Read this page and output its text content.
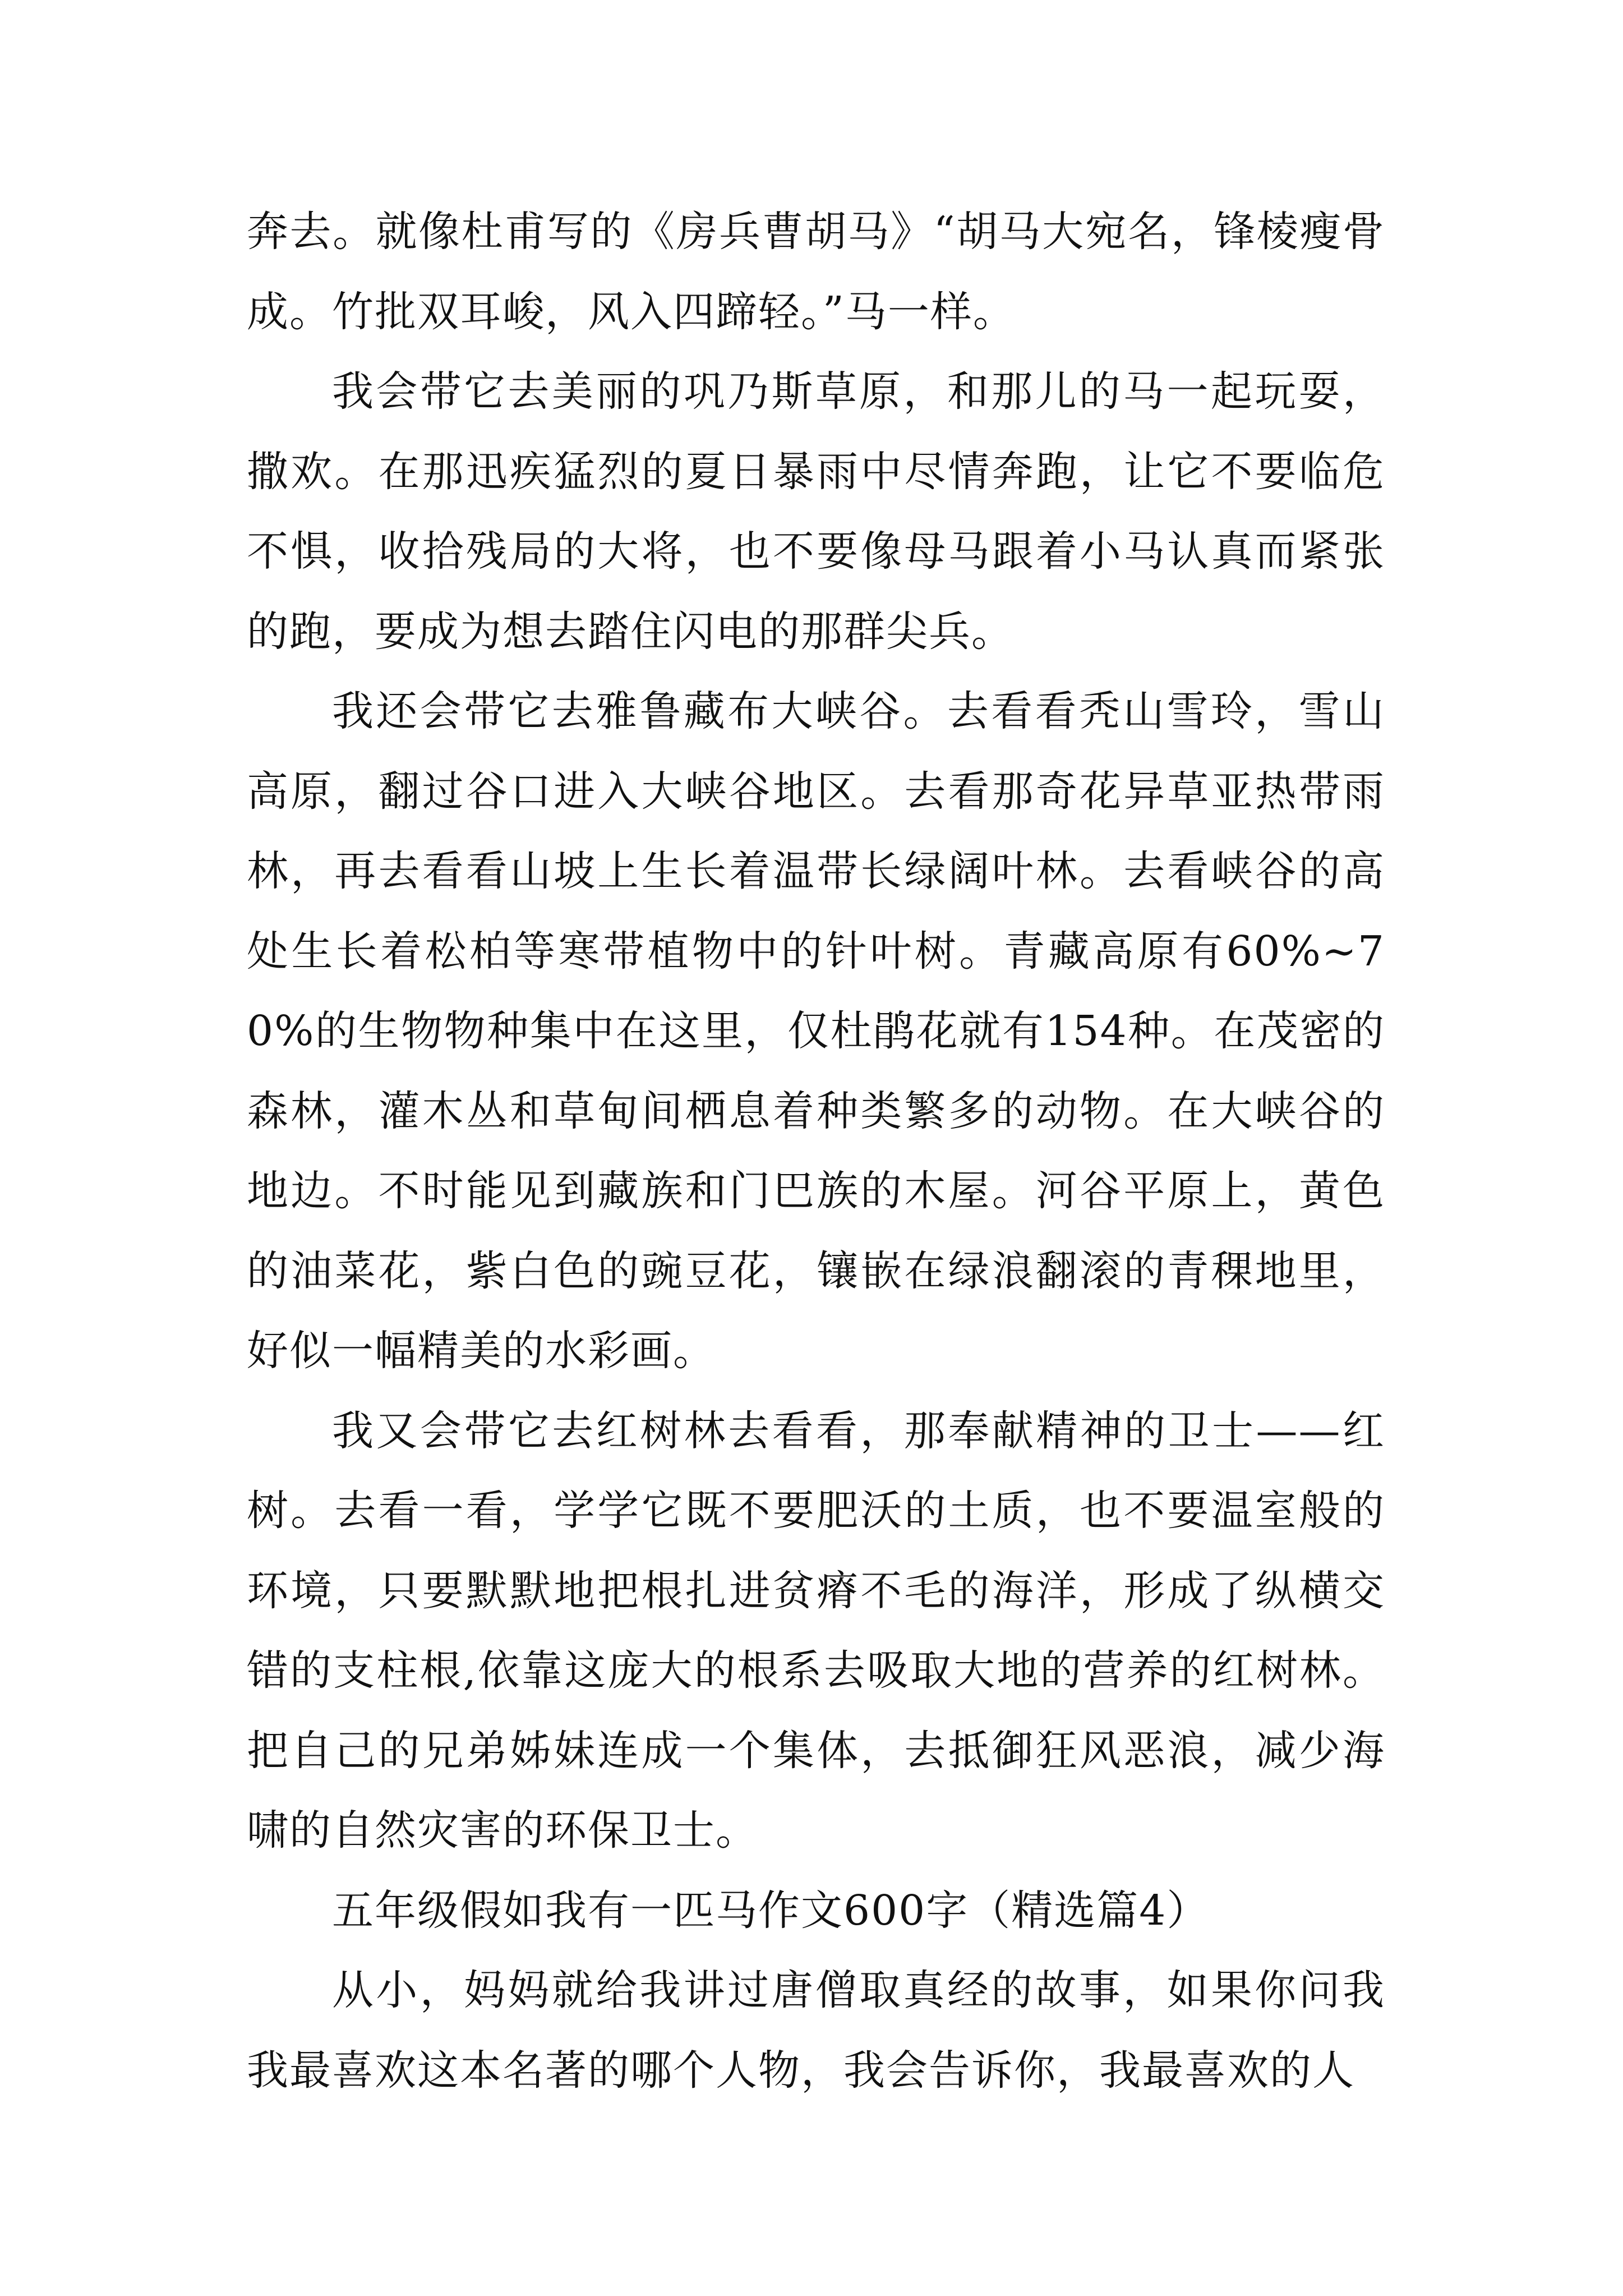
奔去。就像杜甫写的《房兵曹胡马》“胡马大宛名，锋棱瘦骨成。竹批双耳峻，风入四蹄轻。”马一样。

我会带它去美丽的巩乃斯草原，和那儿的马一起玩耍，撒欢。在那迅疾猛烈的夏日暴雨中尽情奔跑，让它不要临危不惧，收拾残局的大将，也不要像母马跟着小马认真而紧张的跑，要成为想去踏住闪电的那群尖兵。

我还会带它去雅鲁藏布大峡谷。去看看秃山雪玲，雪山高原，翻过谷口进入大峡谷地区。去看那奇花异草亚热带雨林，再去看看山坡上生长着温带长绿阔叶林。去看峡谷的高处生长着松柏等寒带植物中的针叶树。青藏高原有60%~70%的生物物种集中在这里，仅杜鹃花就有154种。在茂密的森林，灌木丛和草甸间栖息着种类繁多的动物。在大峡谷的地边。不时能见到藏族和门巴族的木屋。河谷平原上，黄色的油菜花，紫白色的豌豆花，镶嵌在绿浪翻滚的青稞地里，好似一幅精美的水彩画。

我又会带它去红树林去看看，那奉献精神的卫士——红树。去看一看，学学它既不要肥沃的土质，也不要温室般的环境，只要默默地把根扎进贫瘠不毛的海洋，形成了纵横交错的支柱根,依靠这庞大的根系去吸取大地的营养的红树林。把自己的兄弟姊妹连成一个集体，去抵御狂风恶浪，减少海啸的自然灾害的环保卫士。

五年级假如我有一匹马作文600字（精选篇4）

从小，妈妈就给我讲过唐僧取真经的故事，如果你问我我最喜欢这本名著的哪个人物，我会告诉你，我最喜欢的人
